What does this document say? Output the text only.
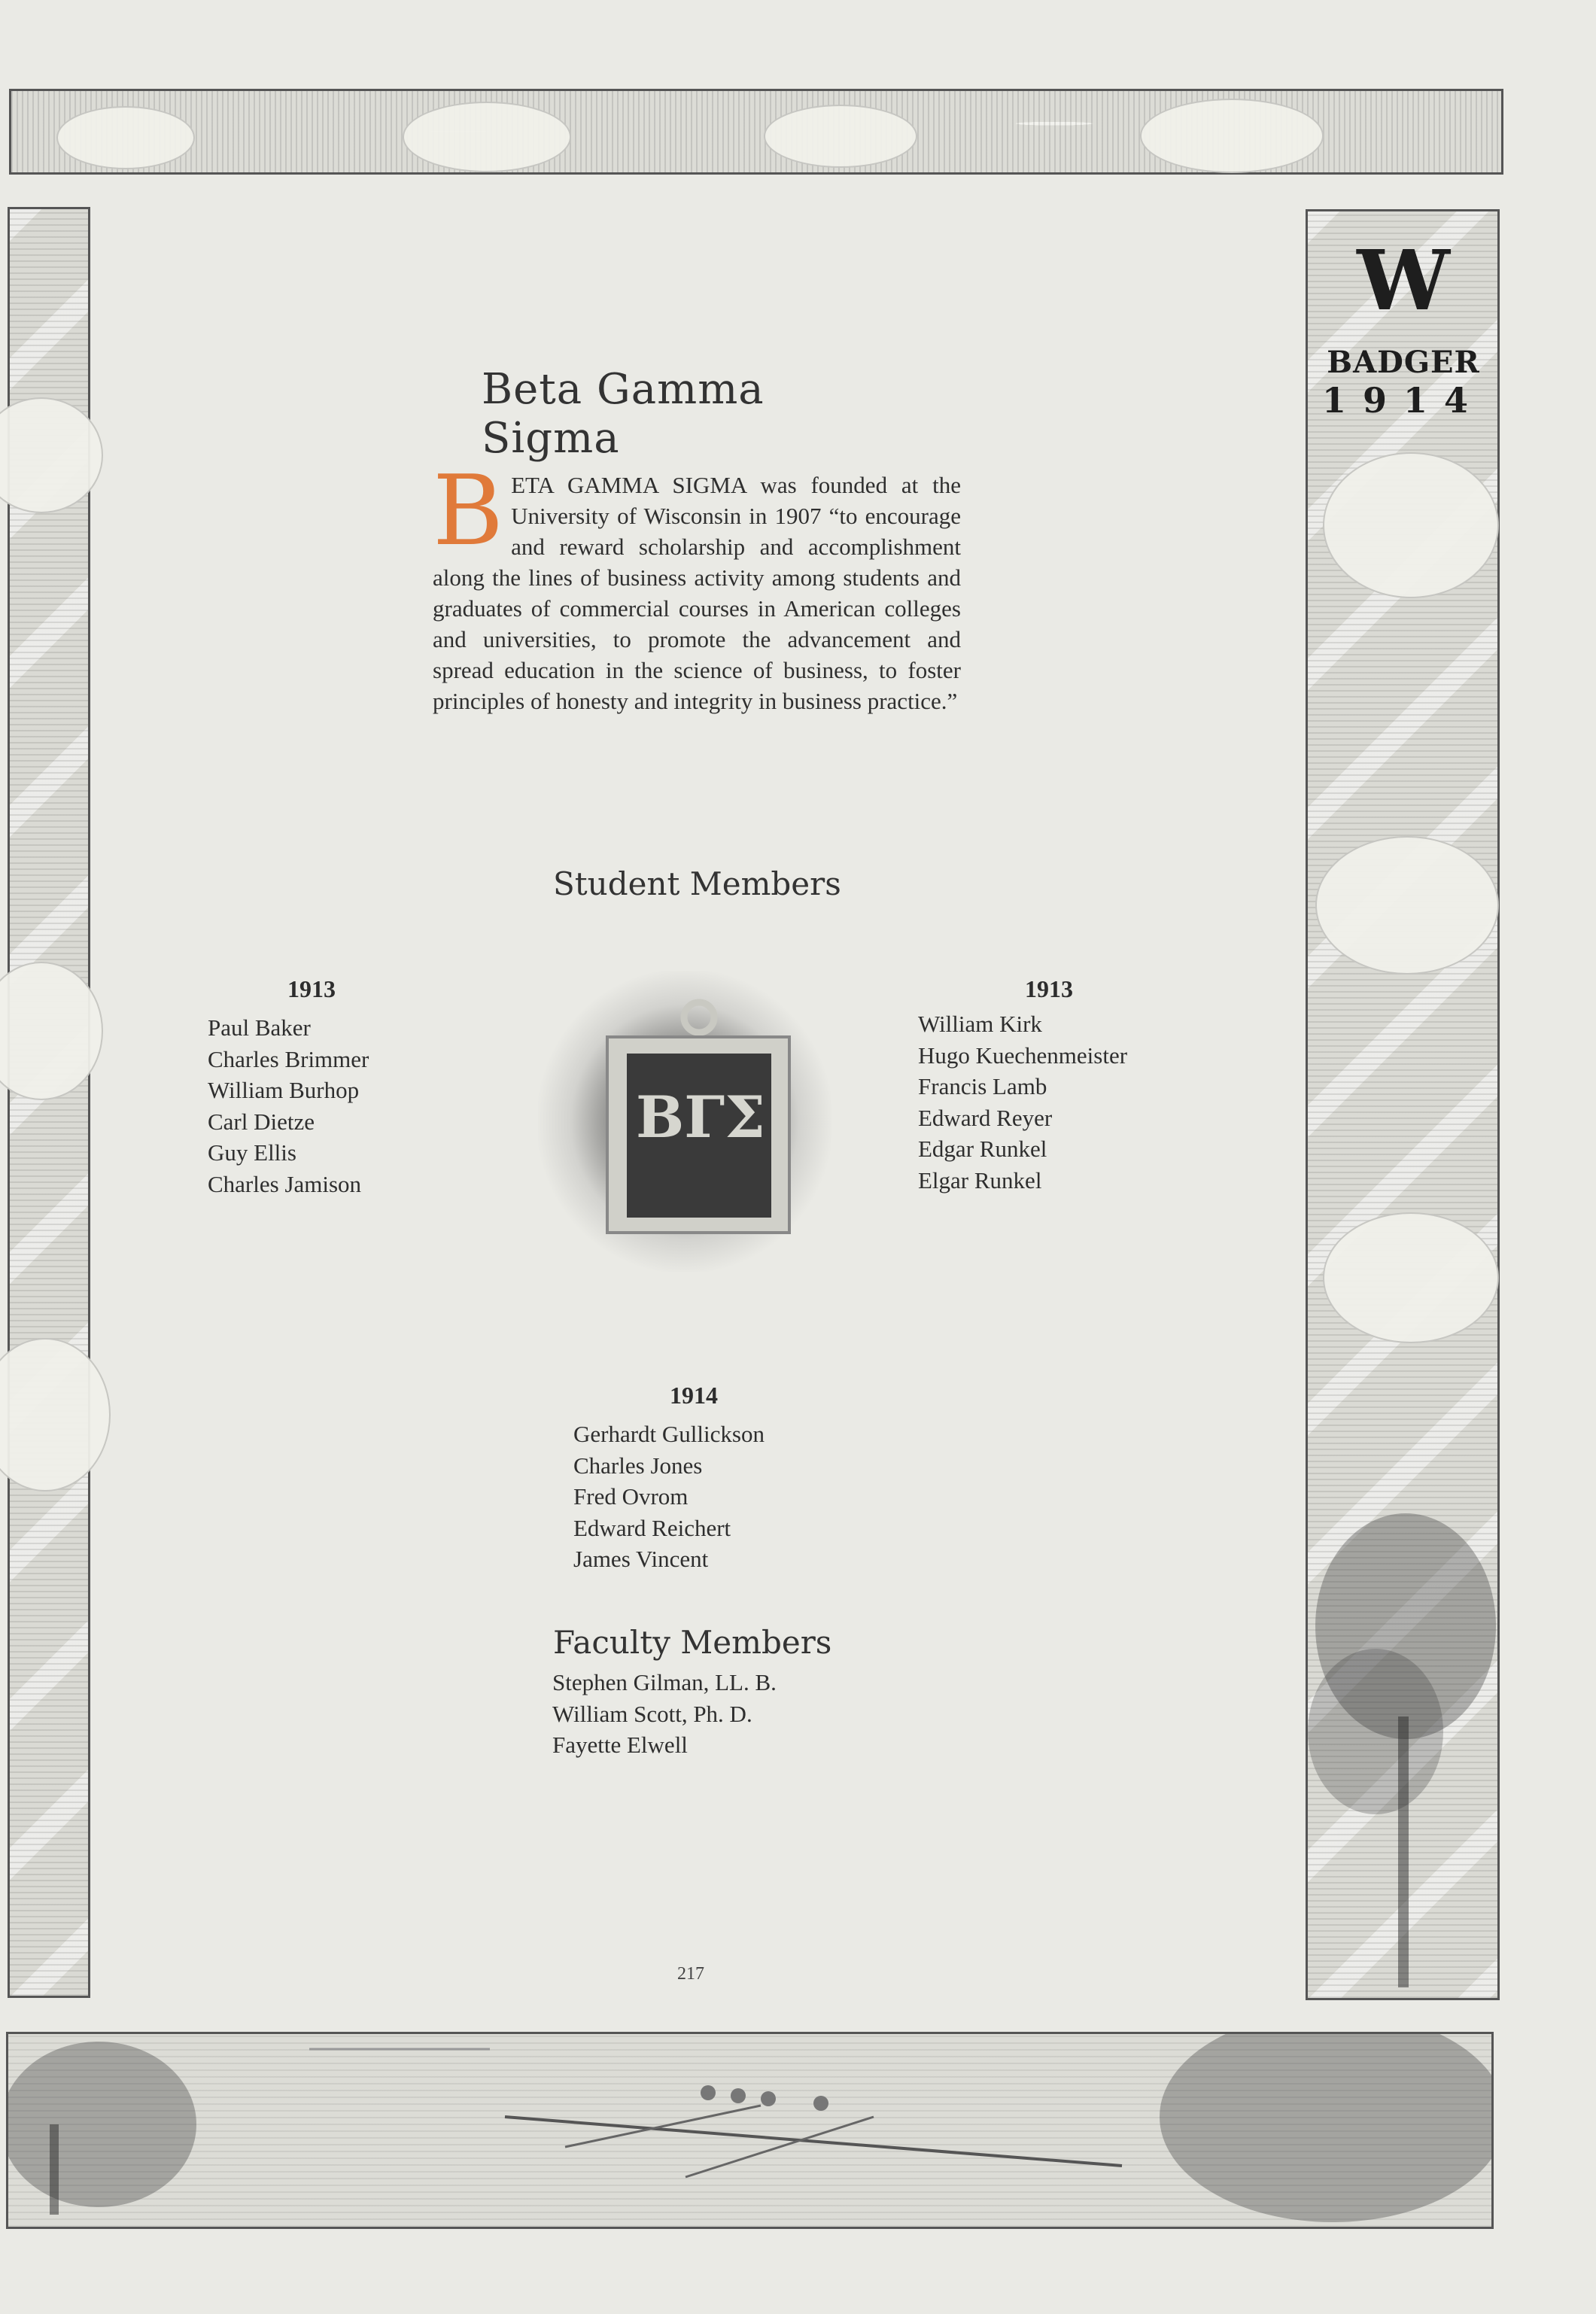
W
BADGER
1914
Beta Gamma Sigma
BETA GAMMA SIGMA was founded at the University of Wisconsin in 1907 “to encourage and reward scholarship and accomplishment along the lines of business activity among students and graduates of commercial courses in American colleges and universities, to promote the advancement and spread education in the science of business, to foster principles of honesty and integrity in business practice.”
Student Members
1913
Paul Baker
Charles Brimmer
William Burhop
Carl Dietze
Guy Ellis
Charles Jamison
BΓΣ
1913
William Kirk
Hugo Kuechenmeister
Francis Lamb
Edward Reyer
Edgar Runkel
Elgar Runkel
1914
Gerhardt Gullickson
Charles Jones
Fred Ovrom
Edward Reichert
James Vincent
Faculty Members
Stephen Gilman, LL. B.
William Scott, Ph. D.
Fayette Elwell
217
